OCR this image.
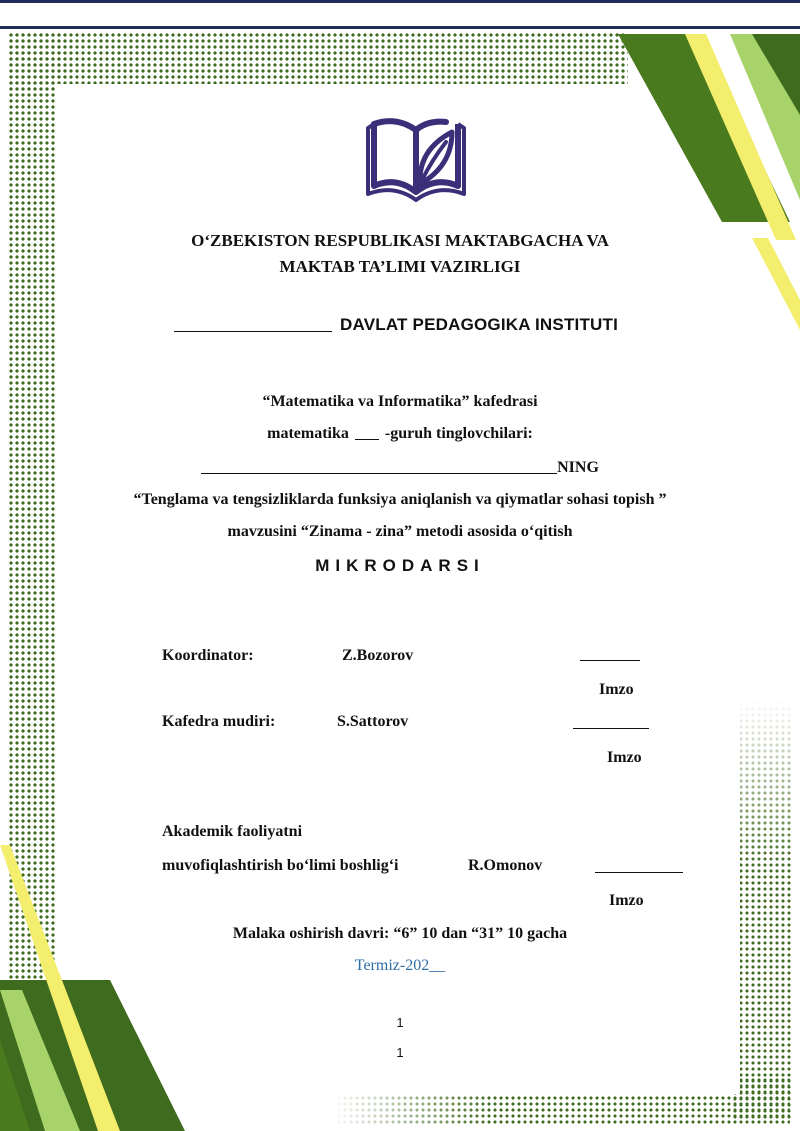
O‘ZBEKISTON RESPUBLIKASI MAKTABGACHA VA
MAKTAB TA’LIMI VAZIRLIGI
DAVLAT PEDAGOGIKA INSTITUTI
“Matematika va Informatika” kafedrasi
matematika -guruh tinglovchilari:
NING
“Tenglama va tengsizliklarda funksiya aniqlanish va qiymatlar sohasi topish ”
mavzusini “Zinama - zina” metodi asosida o‘qitish
MIKRODARSI
Koordinator:	Z.Bozorov
Imzo
Kafedra mudiri:	S.Sattorov
Imzo
Akademik faoliyatni
muvofiqlashtirish bo‘limi boshlig‘i	R.Omonov
Imzo
Malaka oshirish davri: “6” 10 dan “31” 10 gacha
Termiz-202__
1
1
